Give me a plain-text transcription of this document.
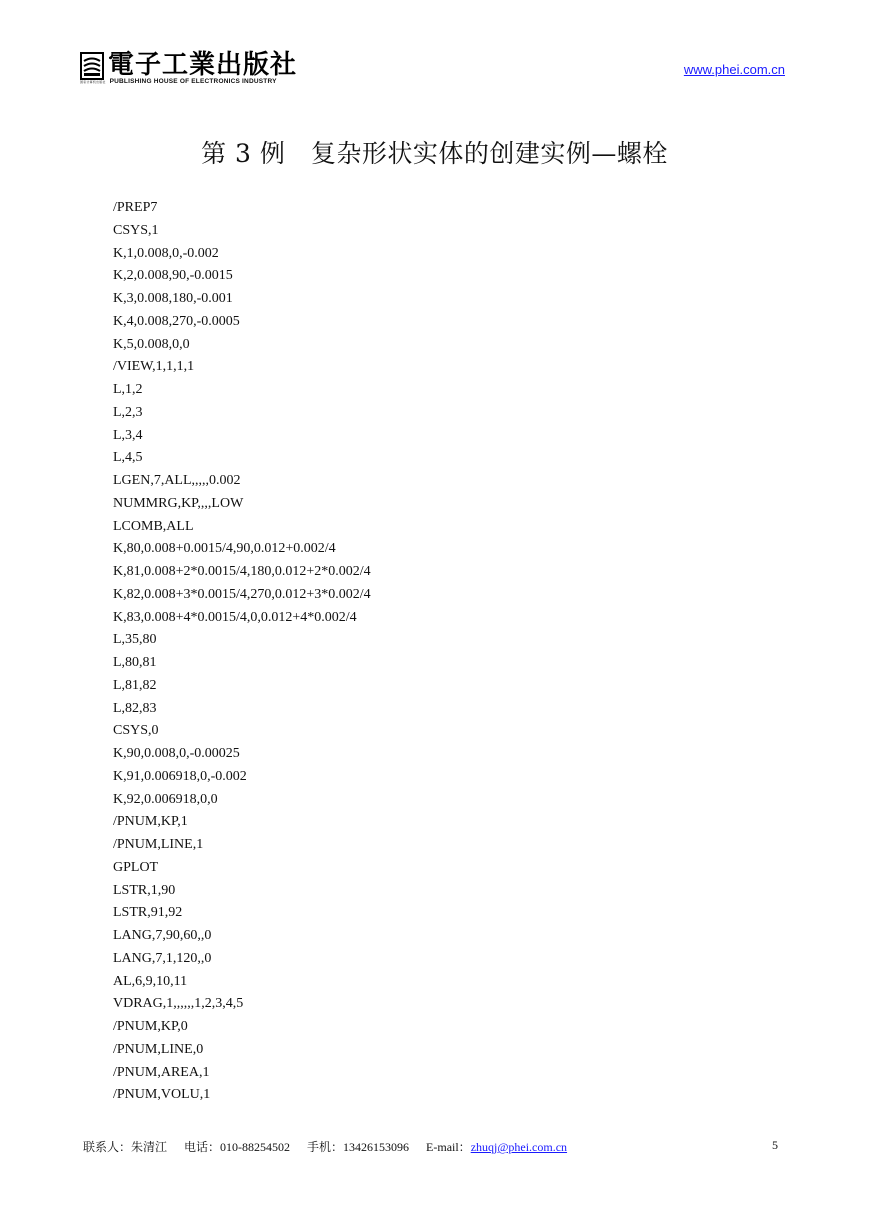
電子工業出版社
国家计算机出版社 PUBLISHING HOUSE OF ELECTRONICS INDUSTRY
www.phei.com.cn
第 3 例　复杂形状实体的创建实例—螺栓
/PREP7
CSYS,1
K,1,0.008,0,-0.002
K,2,0.008,90,-0.0015
K,3,0.008,180,-0.001
K,4,0.008,270,-0.0005
K,5,0.008,0,0
/VIEW,1,1,1,1
L,1,2
L,2,3
L,3,4
L,4,5
LGEN,7,ALL,,,,,0.002
NUMMRG,KP,,,,LOW
LCOMB,ALL
K,80,0.008+0.0015/4,90,0.012+0.002/4
K,81,0.008+2*0.0015/4,180,0.012+2*0.002/4
K,82,0.008+3*0.0015/4,270,0.012+3*0.002/4
K,83,0.008+4*0.0015/4,0,0.012+4*0.002/4
L,35,80
L,80,81
L,81,82
L,82,83
CSYS,0
K,90,0.008,0,-0.00025
K,91,0.006918,0,-0.002
K,92,0.006918,0,0
/PNUM,KP,1
/PNUM,LINE,1
GPLOT
LSTR,1,90
LSTR,91,92
LANG,7,90,60,,0
LANG,7,1,120,,0
AL,6,9,10,11
VDRAG,1,,,,,,1,2,3,4,5
/PNUM,KP,0
/PNUM,LINE,0
/PNUM,AREA,1
/PNUM,VOLU,1
联系人：朱清江 电话：010-88254502 手机：13426153096 E-mail：zhuqj@phei.com.cn	5
